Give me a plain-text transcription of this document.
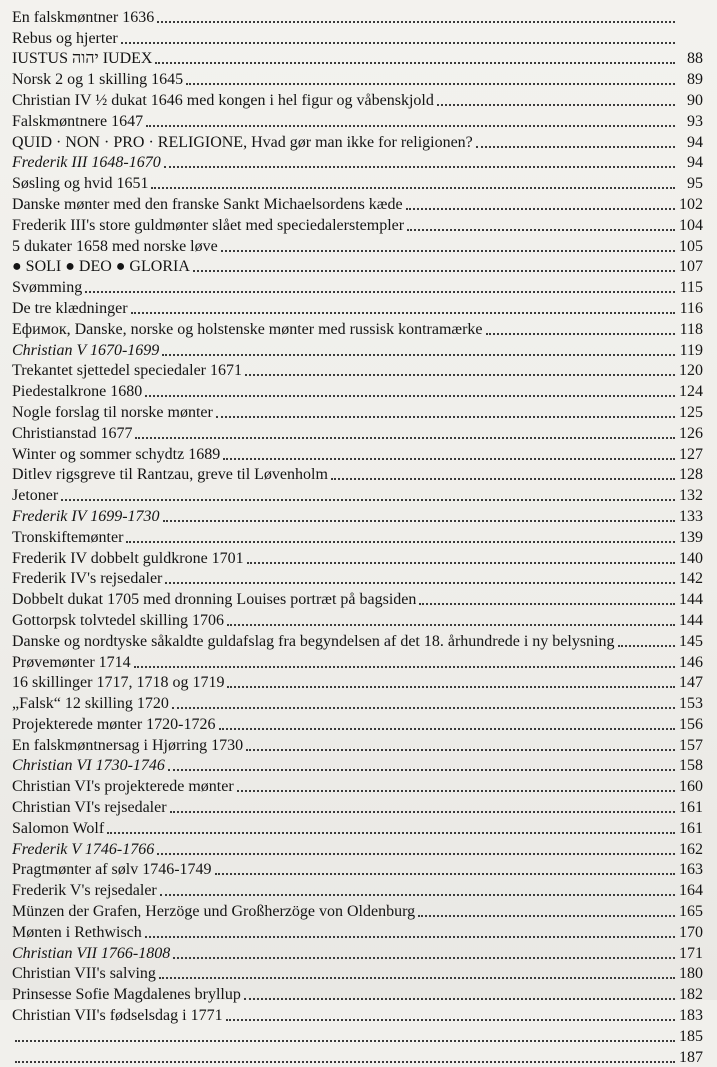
En falskmøntner 1636
Rebus og hjerter
IUSTUS יהוה IUDEX	88
Norsk 2 og 1 skilling 1645	89
Christian IV ½ dukat 1646 med kongen i hel figur og våbenskjold	90
Falskmøntnere 1647	93
QUID · NON · PRO · RELIGIONE, Hvad gør man ikke for religionen?	94
Frederik III 1648-1670	94
Søsling og hvid 1651	95
Danske mønter med den franske Sankt Michaelsordens kæde	102
Frederik III's store guldmønter slået med speciedalerstempler	104
5 dukater 1658 med norske løve	105
● SOLI ● DEO ● GLORIA	107
Svømming	115
De tre klædninger	116
Ефимок, Danske, norske og holstenske mønter med russisk kontramærke	118
Christian V 1670-1699	119
Trekantet sjettedel speciedaler 1671	120
Piedestalkrone 1680	124
Nogle forslag til norske mønter	125
Christianstad 1677	126
Winter og sommer schydtz 1689	127
Ditlev rigsgreve til Rantzau, greve til Løvenholm	128
Jetoner	132
Frederik IV 1699-1730	133
Tronskiftemønter	139
Frederik IV dobbelt guldkrone 1701	140
Frederik IV's rejsedaler	142
Dobbelt dukat 1705 med dronning Louises portræt på bagsiden	144
Gottorpsk tolvtedel skilling 1706	144
Danske og nordtyske såkaldte guldafslag fra begyndelsen af det 18. århundrede i ny belysning	145
Prøvemønter 1714	146
16 skillinger 1717, 1718 og 1719	147
„Falsk“ 12 skilling 1720	153
Projekterede mønter 1720-1726	156
En falskmøntnersag i Hjørring 1730	157
Christian VI 1730-1746	158
Christian VI's projekterede mønter	160
Christian VI's rejsedaler	161
Salomon Wolf	161
Frederik V 1746-1766	162
Pragtmønter af sølv 1746-1749	163
Frederik V's rejsedaler	164
Münzen der Grafen, Herzöge und Großherzöge von Oldenburg	165
Mønten i Rethwisch	170
Christian VII 1766-1808	171
Christian VII's salving	180
Prinsesse Sofie Magdalenes bryllup	182
Christian VII's fødselsdag i 1771	183
185
187
